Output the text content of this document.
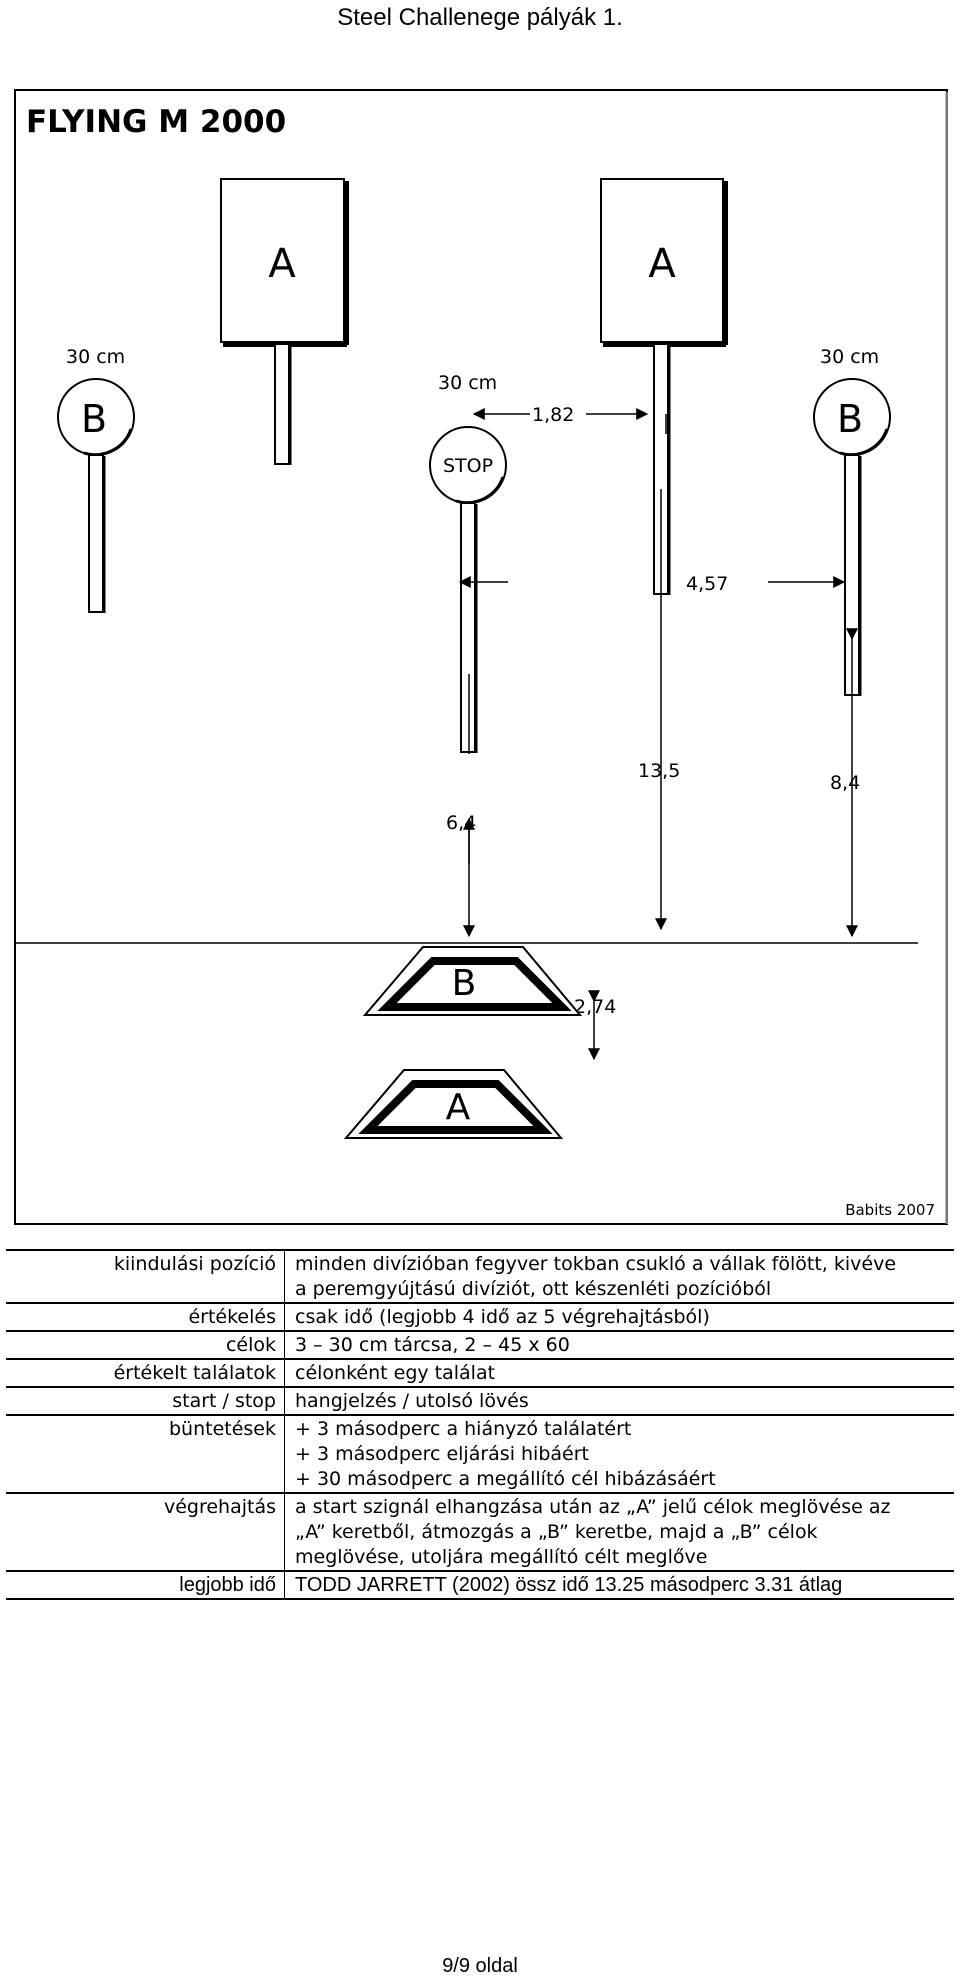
Steel Challenege pályák 1.
FLYING M 2000
A	A
B	B
STOP
30 cm	30 cm
30 cm
1,82
4,57
13,5
8,4
6,4
2,74
B
A
Babits 2007
kiindulási pozíció	minden divízióban fegyver tokban csukló a vállak fölött, kivéve
a peremgyújtású divíziót, ott készenléti pozícióból

értékelés	csak idő (legjobb 4 idő az 5 végrehajtásból)

célok	3 – 30 cm tárcsa, 2 – 45 x 60

értékelt találatok	célonként egy találat

start / stop	hangjelzés / utolsó lövés

büntetések	+ 3 másodperc a hiányzó találatért
+ 3 másodperc eljárási hibáért
+ 30 másodperc a megállító cél hibázásáért

végrehajtás	a start szignál elhangzása után az „A” jelű célok meglövése az
„A” keretből, átmozgás a „B” keretbe, majd a „B” célok
meglövése, utoljára megállító célt meglőve

legjobb idő	TODD JARRETT (2002) össz idő 13.25 másodperc 3.31 átlag
9/9 oldal
